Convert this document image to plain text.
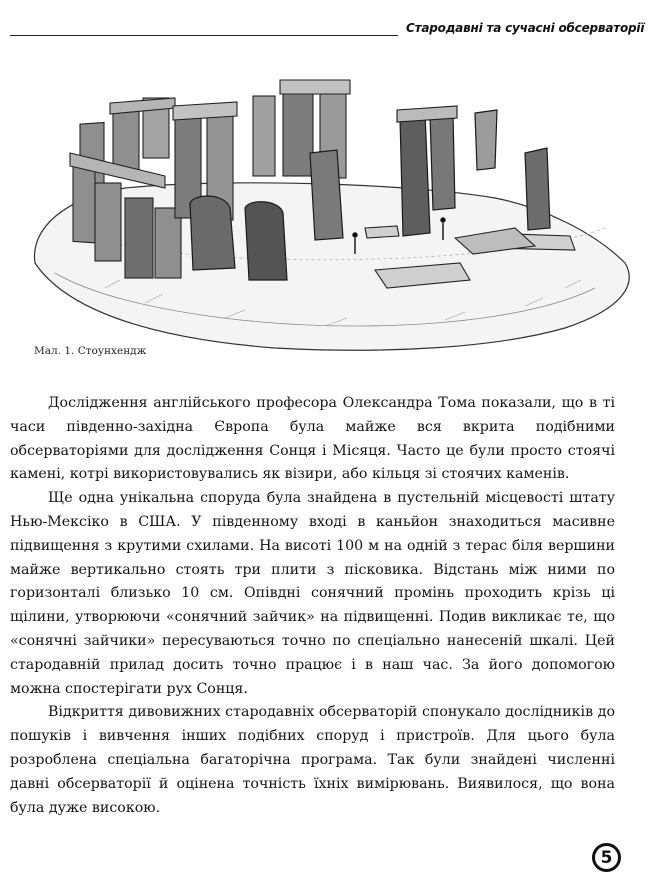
Стародавні та сучасні обсерваторії
Мал. 1. Стоунхендж

Дослідження англійського професора Олександра Тома показали, що в ті часи південно-західна Європа була майже вся вкрита подібними обсерваторіями для дослідження Сонця і Місяця. Часто це були просто стоячі камені, котрі використовувались як візири, або кільця зі стоячих каменів.

Ще одна унікальна споруда була знайдена в пустельній місцевості штату Нью-Мексіко в США. У південному вході в каньйон знаходиться масивне підвищення з крутими схилами. На висоті 100 м на одній з терас біля вершини майже вертикально стоять три плити з пісковика. Відстань між ними по горизонталі близько 10 см. Опівдні сонячний промінь проходить крізь ці щілини, утворюючи «сонячний зайчик» на підвищенні. Подив викликає те, що «сонячні зайчики» пересуваються точно по спеціально нанесеній шкалі. Цей стародавній прилад досить точно працює і в наш час. За його допомогою можна спостерігати рух Сонця.

Відкриття дивовижних стародавніх обсерваторій спонукало дослідників до пошуків і вивчення інших подібних споруд і пристроїв. Для цього була розроблена спеціальна багаторічна програма. Так були знайдені численні давні обсерваторії й оцінена точність їхніх вимірювань. Виявилося, що вона була дуже високою.

5
